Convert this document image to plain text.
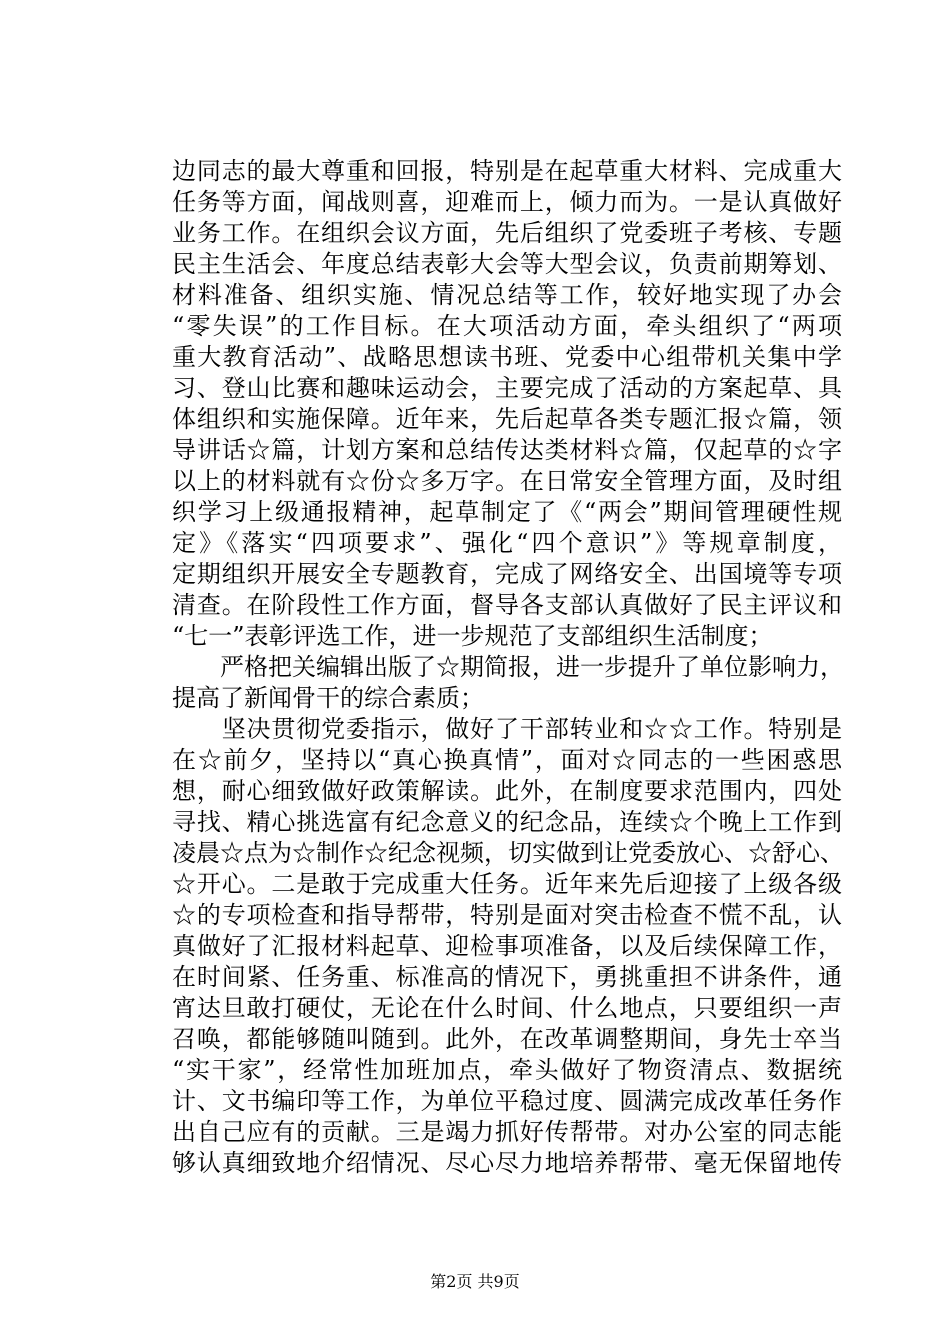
边同志的最大尊重和回报，特别是在起草重大材料、完成重大
任务等方面，闻战则喜，迎难而上，倾力而为。一是认真做好
业务工作。在组织会议方面，先后组织了党委班子考核、专题
民主生活会、年度总结表彰大会等大型会议，负责前期筹划、
材料准备、组织实施、情况总结等工作，较好地实现了办会
“零失误”的工作目标。在大项活动方面，牵头组织了“两项
重大教育活动”、战略思想读书班、党委中心组带机关集中学
习、登山比赛和趣味运动会，主要完成了活动的方案起草、具
体组织和实施保障。近年来，先后起草各类专题汇报☆篇，领
导讲话☆篇，计划方案和总结传达类材料☆篇，仅起草的☆字
以上的材料就有☆份☆多万字。在日常安全管理方面，及时组
织学习上级通报精神，起草制定了《“两会”期间管理硬性规
定》《落实“四项要求”、强化“四个意识”》等规章制度，
定期组织开展安全专题教育，完成了网络安全、出国境等专项
清查。在阶段性工作方面，督导各支部认真做好了民主评议和
“七一”表彰评选工作，进一步规范了支部组织生活制度；
　　严格把关编辑出版了☆期简报，进一步提升了单位影响力，
提高了新闻骨干的综合素质；
　　坚决贯彻党委指示，做好了干部转业和☆☆工作。特别是
在☆前夕，坚持以“真心换真情”，面对☆同志的一些困惑思
想，耐心细致做好政策解读。此外，在制度要求范围内，四处
寻找、精心挑选富有纪念意义的纪念品，连续☆个晚上工作到
凌晨☆点为☆制作☆纪念视频，切实做到让党委放心、☆舒心、
☆开心。二是敢于完成重大任务。近年来先后迎接了上级各级
☆的专项检查和指导帮带，特别是面对突击检查不慌不乱，认
真做好了汇报材料起草、迎检事项准备，以及后续保障工作，
在时间紧、任务重、标准高的情况下，勇挑重担不讲条件，通
宵达旦敢打硬仗，无论在什么时间、什么地点，只要组织一声
召唤，都能够随叫随到。此外，在改革调整期间，身先士卒当
“实干家”，经常性加班加点，牵头做好了物资清点、数据统
计、文书编印等工作，为单位平稳过度、圆满完成改革任务作
出自己应有的贡献。三是竭力抓好传帮带。对办公室的同志能
够认真细致地介绍情况、尽心尽力地培养帮带、毫无保留地传
第2页 共9页
